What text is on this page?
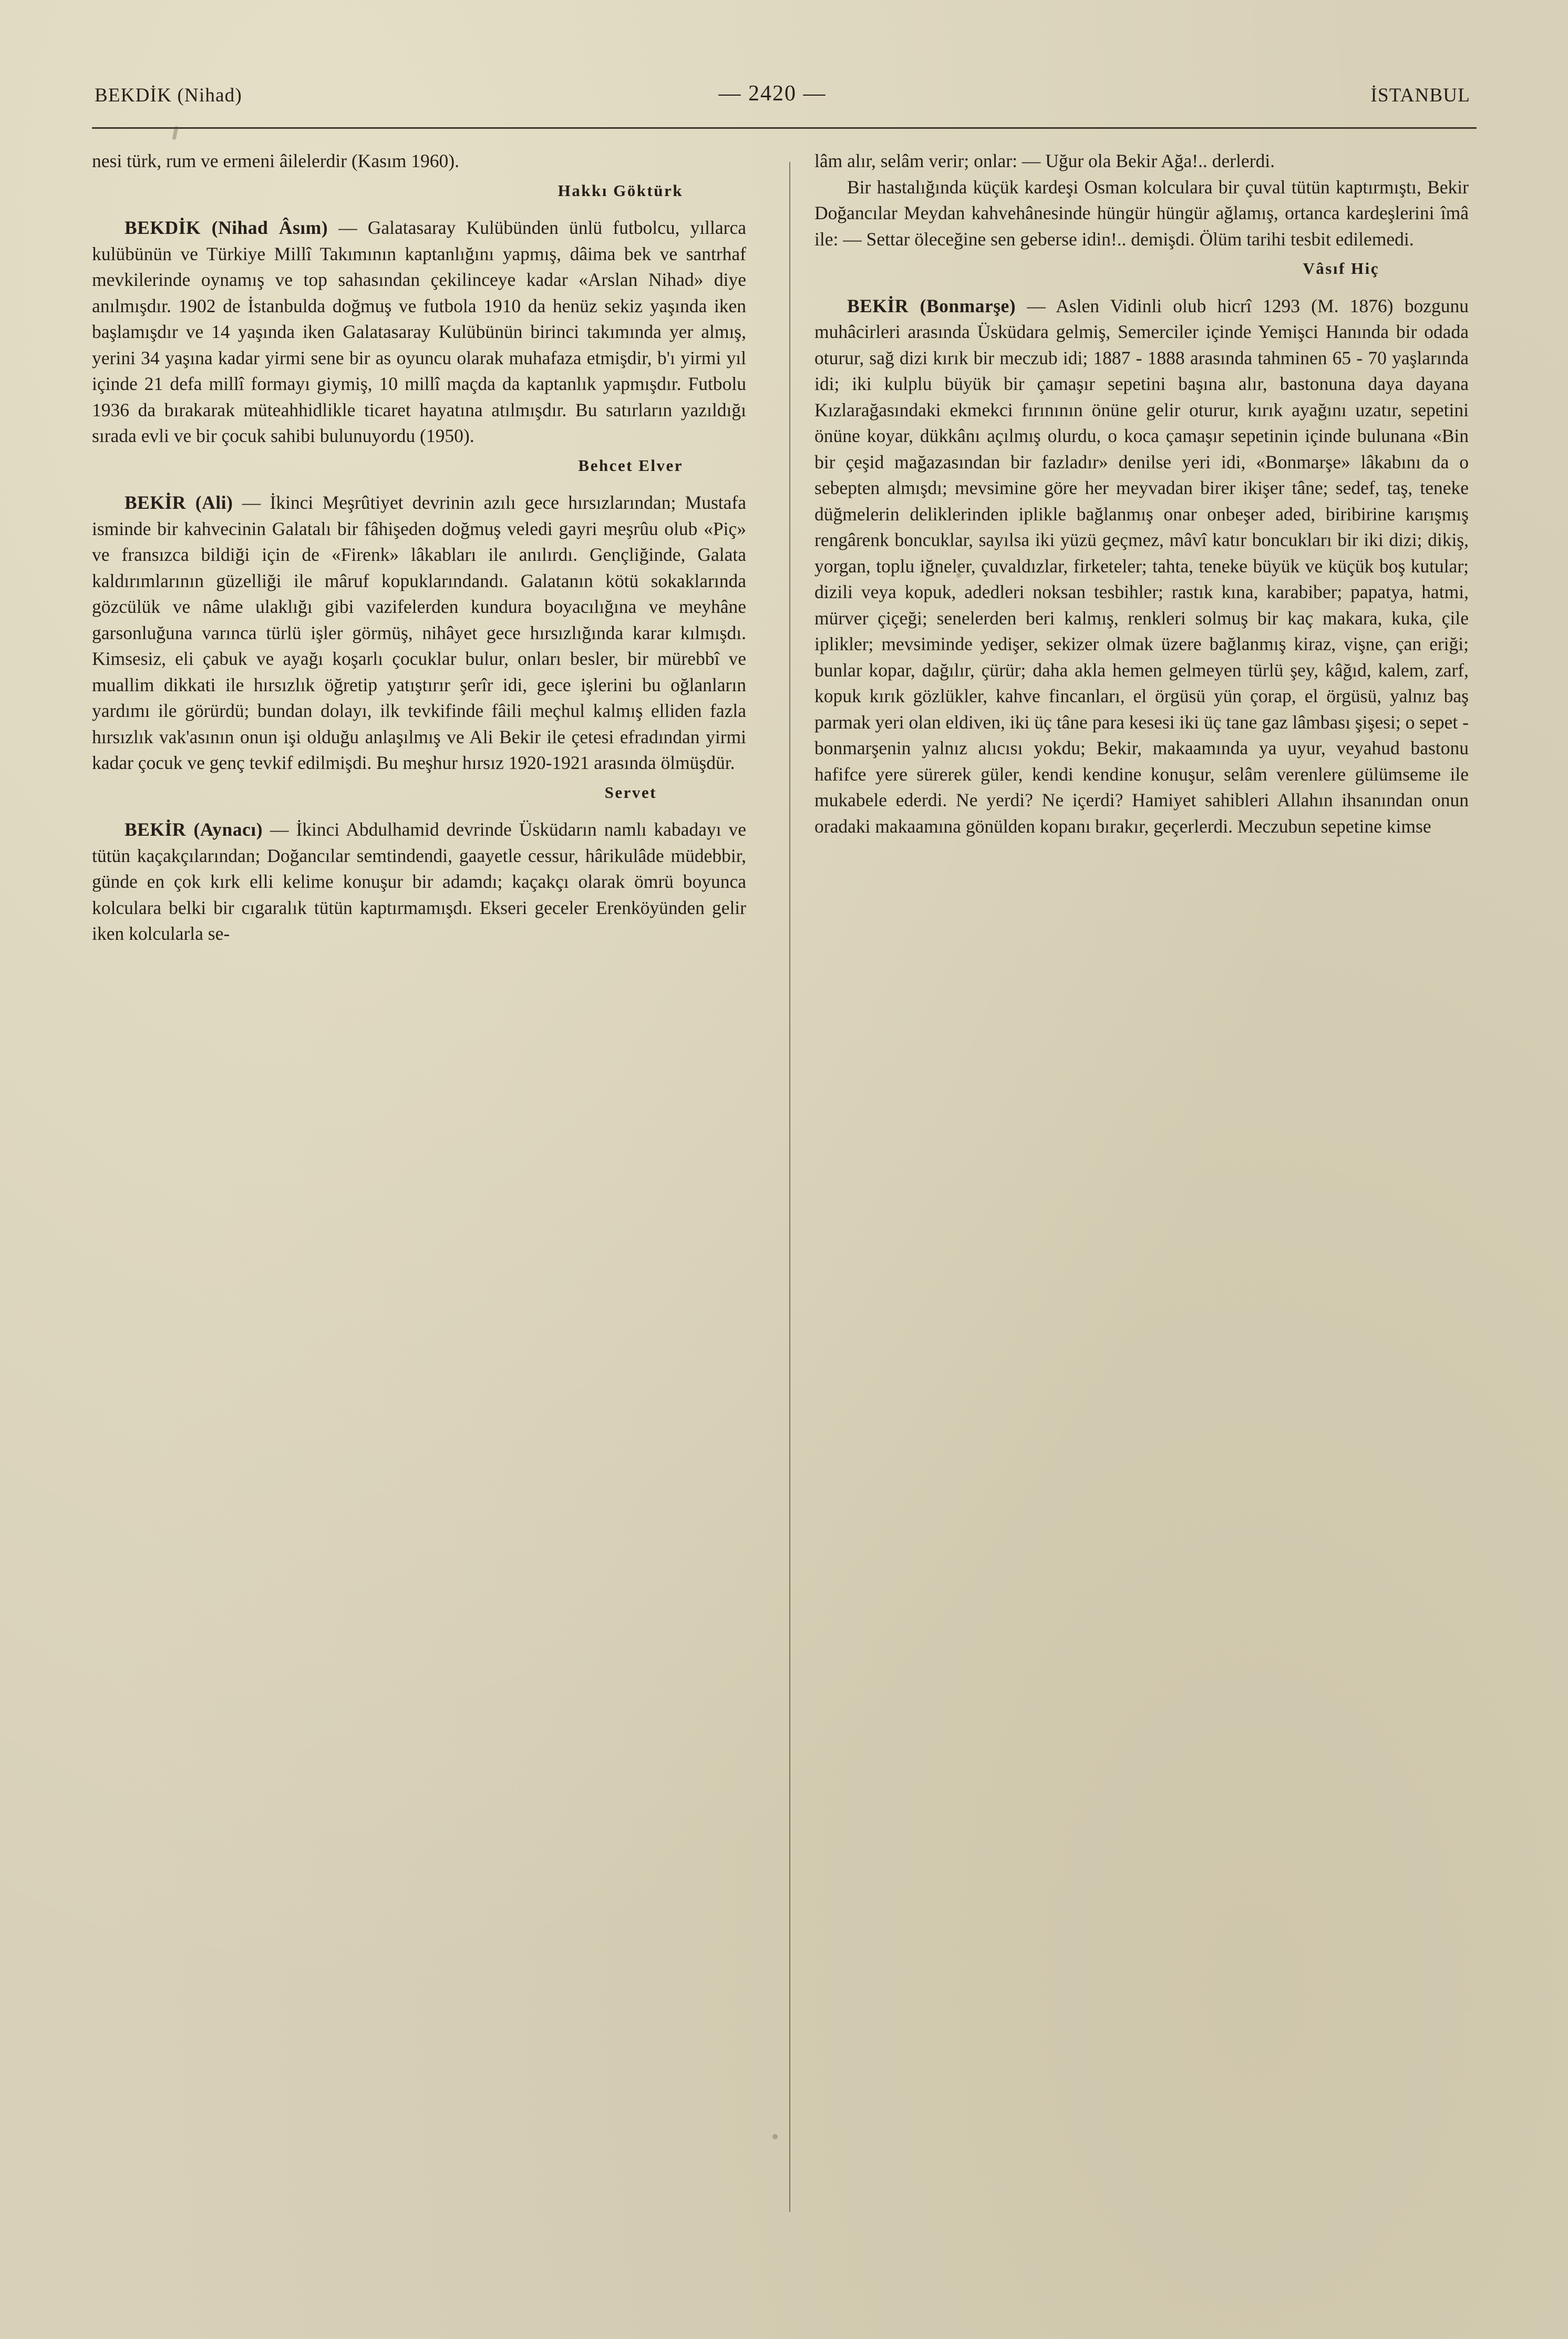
BEKDİK (Nihad)	— 2420 —	İSTANBUL

nesi türk, rum ve ermeni âilelerdir (Kasım 1960).

Hakkı Göktürk

BEKDİK (Nihad Âsım) — Galatasaray Kulübünden ünlü futbolcu, yıllarca kulübünün ve Türkiye Millî Takımının kaptanlığını yapmış, dâima bek ve santrhaf mevkilerinde oynamış ve top sahasından çekilinceye kadar «Arslan Nihad» diye anılmışdır. 1902 de İstanbulda doğmuş ve futbola 1910 da henüz sekiz yaşında iken başlamışdır ve 14 yaşında iken Galatasaray Kulübünün birinci takımında yer almış, yerini 34 yaşına kadar yirmi sene bir as oyuncu olarak muhafaza etmişdir, b'ı yirmi yıl içinde 21 defa millî formayı giymiş, 10 millî maçda da kaptanlık yapmışdır. Futbolu 1936 da bırakarak müteahhidlikle ticaret hayatına atılmışdır. Bu satırların yazıldığı sırada evli ve bir çocuk sahibi bulunuyordu (1950).

Behcet Elver

BEKİR (Ali) — İkinci Meşrûtiyet devrinin azılı gece hırsızlarından; Mustafa isminde bir kahvecinin Galatalı bir fâhişeden doğmuş veledi gayri meşrûu olub «Piç» ve fransızca bildiği için de «Firenk» lâkabları ile anılırdı. Gençliğinde, Galata kaldırımlarının güzelliği ile mâruf kopuklarındandı. Galatanın kötü sokaklarında gözcülük ve nâme ulaklığı gibi vazifelerden kundura boyacılığına ve meyhâne garsonluğuna varınca türlü işler görmüş, nihâyet gece hırsızlığında karar kılmışdı. Kimsesiz, eli çabuk ve ayağı koşarlı çocuklar bulur, onları besler, bir mürebbî ve muallim dikkati ile hırsızlık öğretip yatıştırır şerîr idi, gece işlerini bu oğlanların yardımı ile görürdü; bundan dolayı, ilk tevkifinde fâili meçhul kalmış elliden fazla hırsızlık vak'asının onun işi olduğu anlaşılmış ve Ali Bekir ile çetesi efradından yirmi kadar çocuk ve genç tevkif edilmişdi. Bu meşhur hırsız 1920-1921 arasında ölmüşdür.

Servet

BEKİR (Aynacı) — İkinci Abdulhamid devrinde Üsküdarın namlı kabadayı ve tütün kaçakçılarından; Doğancılar semtindendi, gaayetle cessur, hârikulâde müdebbir, günde en çok kırk elli kelime konuşur bir adamdı; kaçakçı olarak ömrü boyunca kolculara belki bir cıgaralık tütün kaptırmamışdı. Ekseri geceler Erenköyünden gelir iken kolcularla se-

lâm alır, selâm verir; onlar: — Uğur ola Bekir Ağa!.. derlerdi.

Bir hastalığında küçük kardeşi Osman kolculara bir çuval tütün kaptırmıştı, Bekir Doğancılar Meydan kahvehânesinde hüngür hüngür ağlamış, ortanca kardeşlerini îmâ ile: — Settar öleceğine sen geberse idin!.. demişdi. Ölüm tarihi tesbit edilemedi.

Vâsıf Hiç

BEKİR (Bonmarşe) — Aslen Vidinli olub hicrî 1293 (M. 1876) bozgunu muhâcirleri arasında Üsküdara gelmiş, Semerciler içinde Yemişci Hanında bir odada oturur, sağ dizi kırık bir meczub idi; 1887 - 1888 arasında tahminen 65 - 70 yaşlarında idi; iki kulplu büyük bir çamaşır sepetini başına alır, bastonuna daya dayana Kızlarağasındaki ekmekci fırınının önüne gelir oturur, kırık ayağını uzatır, sepetini önüne koyar, dükkânı açılmış olurdu, o koca çamaşır sepetinin içinde bulunana «Bin bir çeşid mağazasından bir fazladır» denilse yeri idi, «Bonmarşe» lâkabını da o sebepten almışdı; mevsimine göre her meyvadan birer ikişer tâne; sedef, taş, teneke düğmelerin deliklerinden iplikle bağlanmış onar onbeşer aded, biribirine karışmış rengârenk boncuklar, sayılsa iki yüzü geçmez, mâvî katır boncukları bir iki dizi; dikiş, yorgan, toplu iğneler, çuvaldızlar, firketeler; tahta, teneke büyük ve küçük boş kutular; dizili veya kopuk, adedleri noksan tesbihler; rastık kına, karabiber; papatya, hatmi, mürver çiçeği; senelerden beri kalmış, renkleri solmuş bir kaç makara, kuka, çile iplikler; mevsiminde yedişer, sekizer olmak üzere bağlanmış kiraz, vişne, çan eriği; bunlar kopar, dağılır, çürür; daha akla hemen gelmeyen türlü şey, kâğıd, kalem, zarf, kopuk kırık gözlükler, kahve fincanları, el örgüsü yün çorap, el örgüsü, yalnız baş parmak yeri olan eldiven, iki üç tâne para kesesi iki üç tane gaz lâmbası şişesi; o sepet - bonmarşenin yalnız alıcısı yokdu; Bekir, makaamında ya uyur, veyahud bastonu hafifce yere sürerek güler, kendi kendine konuşur, selâm verenlere gülümseme ile mukabele ederdi. Ne yerdi? Ne içerdi? Hamiyet sahibleri Allahın ihsanından onun oradaki makaamına gönülden kopanı bırakır, geçerlerdi. Meczubun sepetine kimse
